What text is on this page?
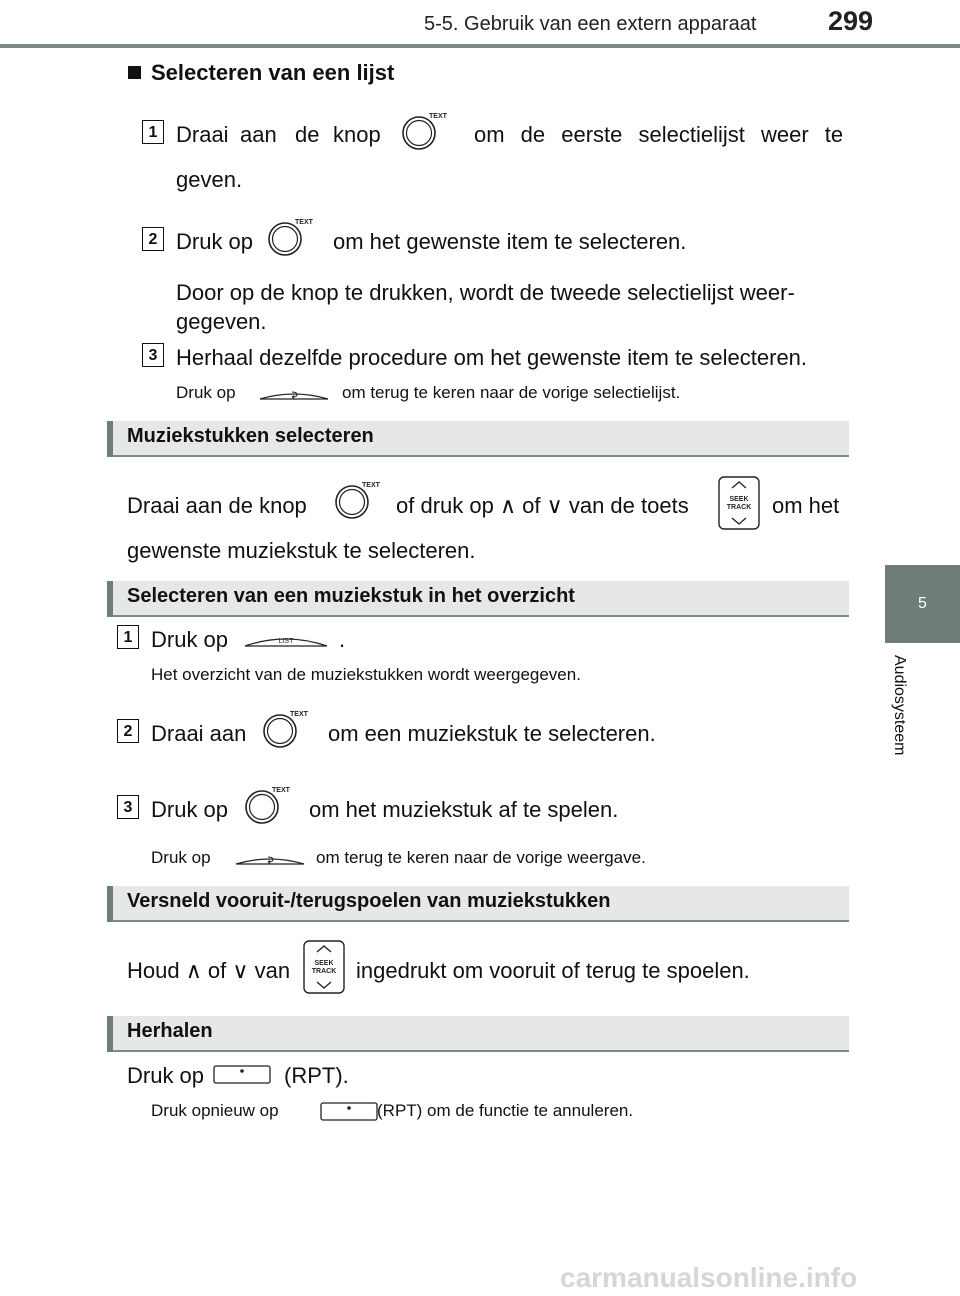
5-5. Gebruik van een extern apparaat	299
5
Audiosysteem
Selecteren van een lijst
1 Draai aan de knop	om de eerste selectielijst weer te
geven.
2 Druk op	om het gewenste item te selecteren.
Door op de knop te drukken, wordt de tweede selectielijst weer-
gegeven.
3 Herhaal dezelfde procedure om het gewenste item te selecteren.
Druk op	om terug te keren naar de vorige selectielijst.
Muziekstukken selecteren
Draai aan de knop	of druk op ∧ of ∨ van de toets	om het
gewenste muziekstuk te selecteren.
Selecteren van een muziekstuk in het overzicht
1 Druk op	LIST .
Het overzicht van de muziekstukken wordt weergegeven.
2 Draai aan	om een muziekstuk te selecteren.
3 Druk op	om het muziekstuk af te spelen.
Druk op	om terug te keren naar de vorige weergave.
Versneld vooruit-/terugspoelen van muziekstukken
Houd ∧ of ∨ van	ingedrukt om vooruit of terug te spoelen.
Herhalen
Druk op	(RPT).
Druk opnieuw op	(RPT) om de functie te annuleren.
carmanualsonline.info
